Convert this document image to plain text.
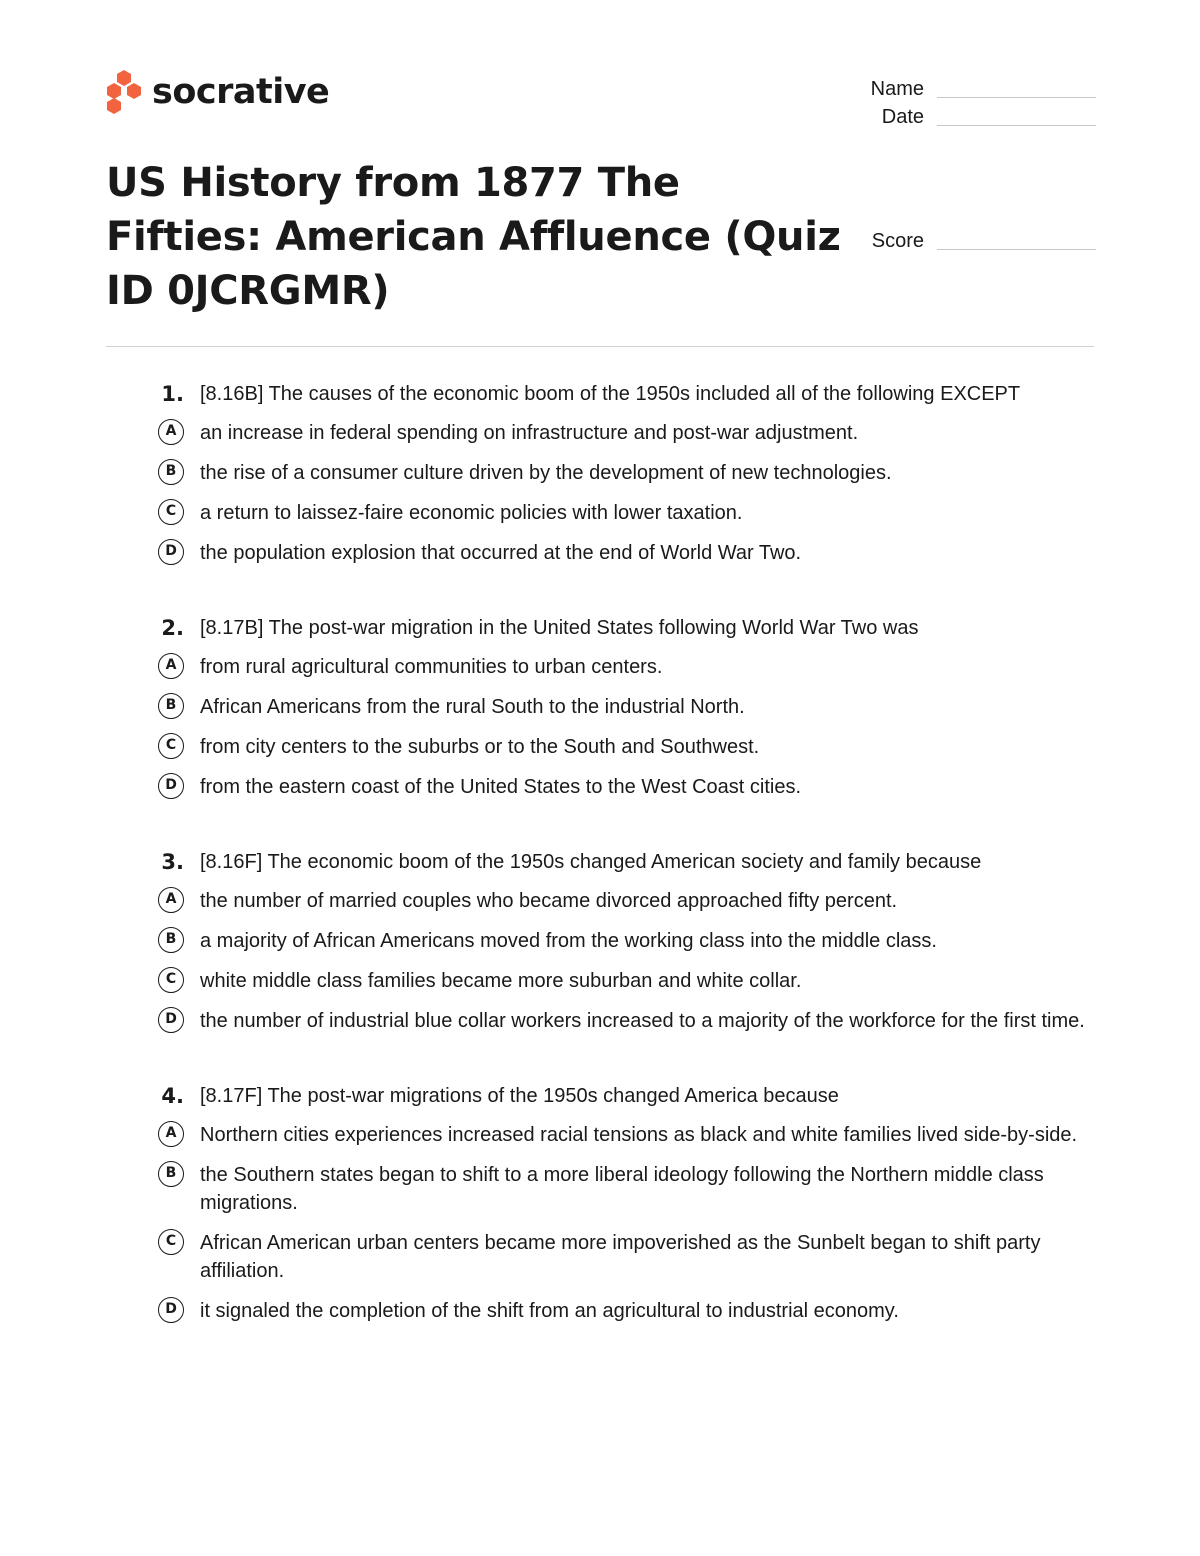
socrative	Name
Date
Score
US History from 1877 The Fifties: American Affluence (Quiz ID 0JCRGMR)
1. [8.16B] The causes of the economic boom of the 1950s included all of the following EXCEPT
A	an increase in federal spending on infrastructure and post-war adjustment.
B	the rise of a consumer culture driven by the development of new technologies.
C	a return to laissez-faire economic policies with lower taxation.
D	the population explosion that occurred at the end of World War Two.
2. [8.17B] The post-war migration in the United States following World War Two was
A	from rural agricultural communities to urban centers.
B	African Americans from the rural South to the industrial North.
C	from city centers to the suburbs or to the South and Southwest.
D	from the eastern coast of the United States to the West Coast cities.
3. [8.16F] The economic boom of the 1950s changed American society and family because
A	the number of married couples who became divorced approached fifty percent.
B	a majority of African Americans moved from the working class into the middle class.
C	white middle class families became more suburban and white collar.
D	the number of industrial blue collar workers increased to a majority of the workforce for the first time.
4. [8.17F] The post-war migrations of the 1950s changed America because
A	Northern cities experiences increased racial tensions as black and white families lived side-by-side.
B	the Southern states began to shift to a more liberal ideology following the Northern middle class migrations.
C	African American urban centers became more impoverished as the Sunbelt began to shift party affiliation.
D	it signaled the completion of the shift from an agricultural to industrial economy.
